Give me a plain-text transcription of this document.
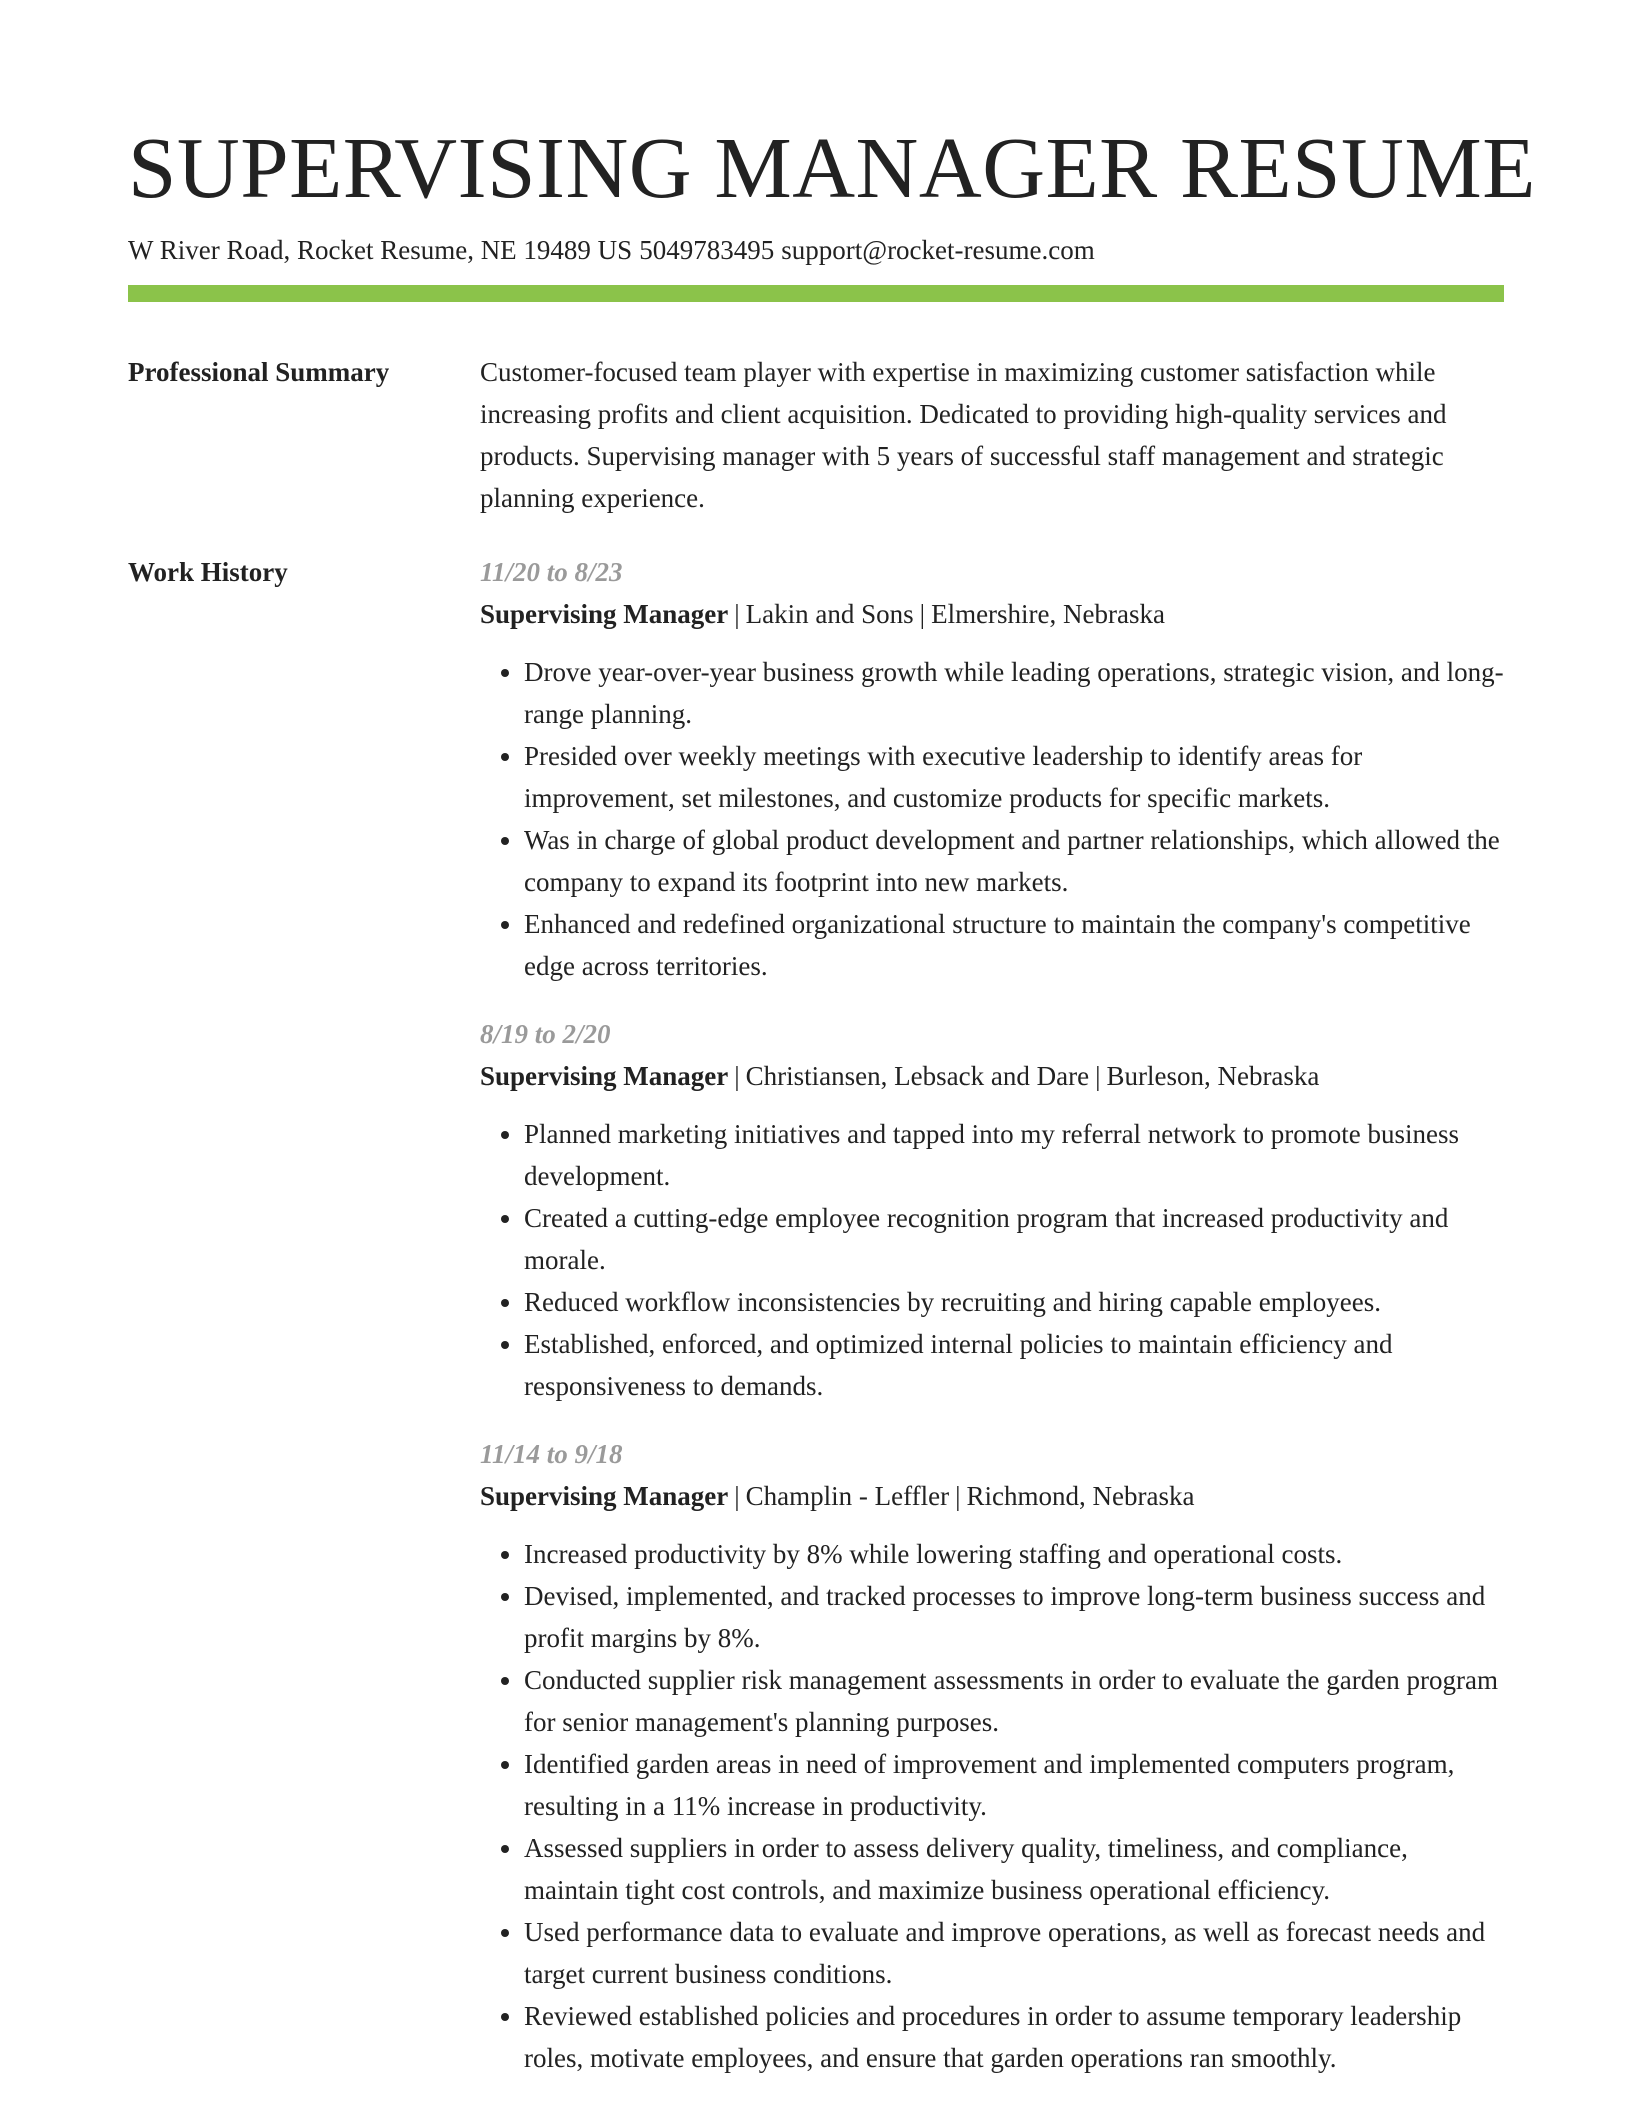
SUPERVISING MANAGER RESUME
W River Road, Rocket Resume, NE 19489 US 5049783495 support@rocket-resume.com
Professional Summary	Customer-focused team player with expertise in maximizing customer satisfaction while increasing profits and client acquisition. Dedicated to providing high-quality services and products. Supervising manager with 5 years of successful staff management and strategic planning experience.

Work History	11/20 to 8/23
Supervising Manager | Lakin and Sons | Elmershire, Nebraska
• Drove year-over-year business growth while leading operations, strategic vision, and long-range planning.
• Presided over weekly meetings with executive leadership to identify areas for improvement, set milestones, and customize products for specific markets.
• Was in charge of global product development and partner relationships, which allowed the company to expand its footprint into new markets.
• Enhanced and redefined organizational structure to maintain the company's competitive edge across territories.
8/19 to 2/20
Supervising Manager | Christiansen, Lebsack and Dare | Burleson, Nebraska
• Planned marketing initiatives and tapped into my referral network to promote business development.
• Created a cutting-edge employee recognition program that increased productivity and morale.
• Reduced workflow inconsistencies by recruiting and hiring capable employees.
• Established, enforced, and optimized internal policies to maintain efficiency and responsiveness to demands.
11/14 to 9/18
Supervising Manager | Champlin - Leffler | Richmond, Nebraska
• Increased productivity by 8% while lowering staffing and operational costs.
• Devised, implemented, and tracked processes to improve long-term business success and profit margins by 8%.
• Conducted supplier risk management assessments in order to evaluate the garden program for senior management's planning purposes.
• Identified garden areas in need of improvement and implemented computers program, resulting in a 11% increase in productivity.
• Assessed suppliers in order to assess delivery quality, timeliness, and compliance, maintain tight cost controls, and maximize business operational efficiency.
• Used performance data to evaluate and improve operations, as well as forecast needs and target current business conditions.
• Reviewed established policies and procedures in order to assume temporary leadership roles, motivate employees, and ensure that garden operations ran smoothly.
